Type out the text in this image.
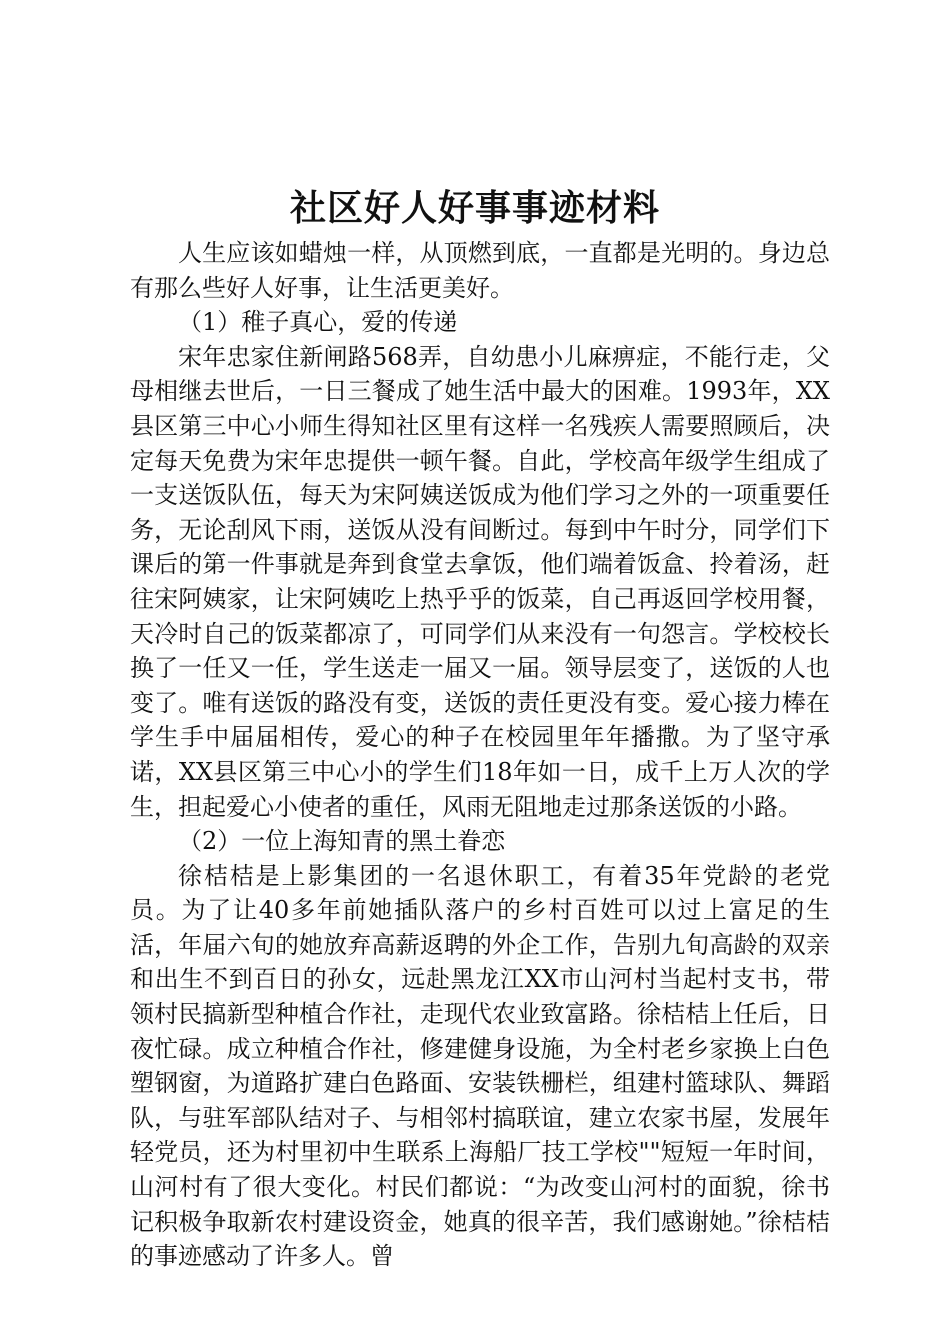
社区好人好事事迹材料

人生应该如蜡烛一样，从顶燃到底，一直都是光明的。身边总有那么些好人好事，让生活更美好。

（1）稚子真心，爱的传递

宋年忠家住新闸路568弄，自幼患小儿麻痹症，不能行走，父母相继去世后，一日三餐成了她生活中最大的困难。1993年，XX县区第三中心小师生得知社区里有这样一名残疾人需要照顾后，决定每天免费为宋年忠提供一顿午餐。自此，学校高年级学生组成了一支送饭队伍，每天为宋阿姨送饭成为他们学习之外的一项重要任务，无论刮风下雨，送饭从没有间断过。每到中午时分，同学们下课后的第一件事就是奔到食堂去拿饭，他们端着饭盒、拎着汤，赶往宋阿姨家，让宋阿姨吃上热乎乎的饭菜，自己再返回学校用餐，天冷时自己的饭菜都凉了，可同学们从来没有一句怨言。学校校长换了一任又一任，学生送走一届又一届。领导层变了，送饭的人也变了。唯有送饭的路没有变，送饭的责任更没有变。爱心接力棒在学生手中届届相传，爱心的种子在校园里年年播撒。为了坚守承诺，XX县区第三中心小的学生们18年如一日，成千上万人次的学生，担起爱心小使者的重任，风雨无阻地走过那条送饭的小路。

（2）一位上海知青的黑土眷恋

徐桔桔是上影集团的一名退休职工，有着35年党龄的老党员。为了让40多年前她插队落户的乡村百姓可以过上富足的生活，年届六旬的她放弃高薪返聘的外企工作，告别九旬高龄的双亲和出生不到百日的孙女，远赴黑龙江XX市山河村当起村支书，带领村民搞新型种植合作社，走现代农业致富路。徐桔桔上任后，日夜忙碌。成立种植合作社，修建健身设施，为全村老乡家换上白色塑钢窗，为道路扩建白色路面、安装铁栅栏，组建村篮球队、舞蹈队，与驻军部队结对子、与相邻村搞联谊，建立农家书屋，发展年轻党员，还为村里初中生联系上海船厂技工学校""短短一年时间，山河村有了很大变化。村民们都说：“为改变山河村的面貌，徐书记积极争取新农村建设资金，她真的很辛苦，我们感谢她。”徐桔桔的事迹感动了许多人。曾
